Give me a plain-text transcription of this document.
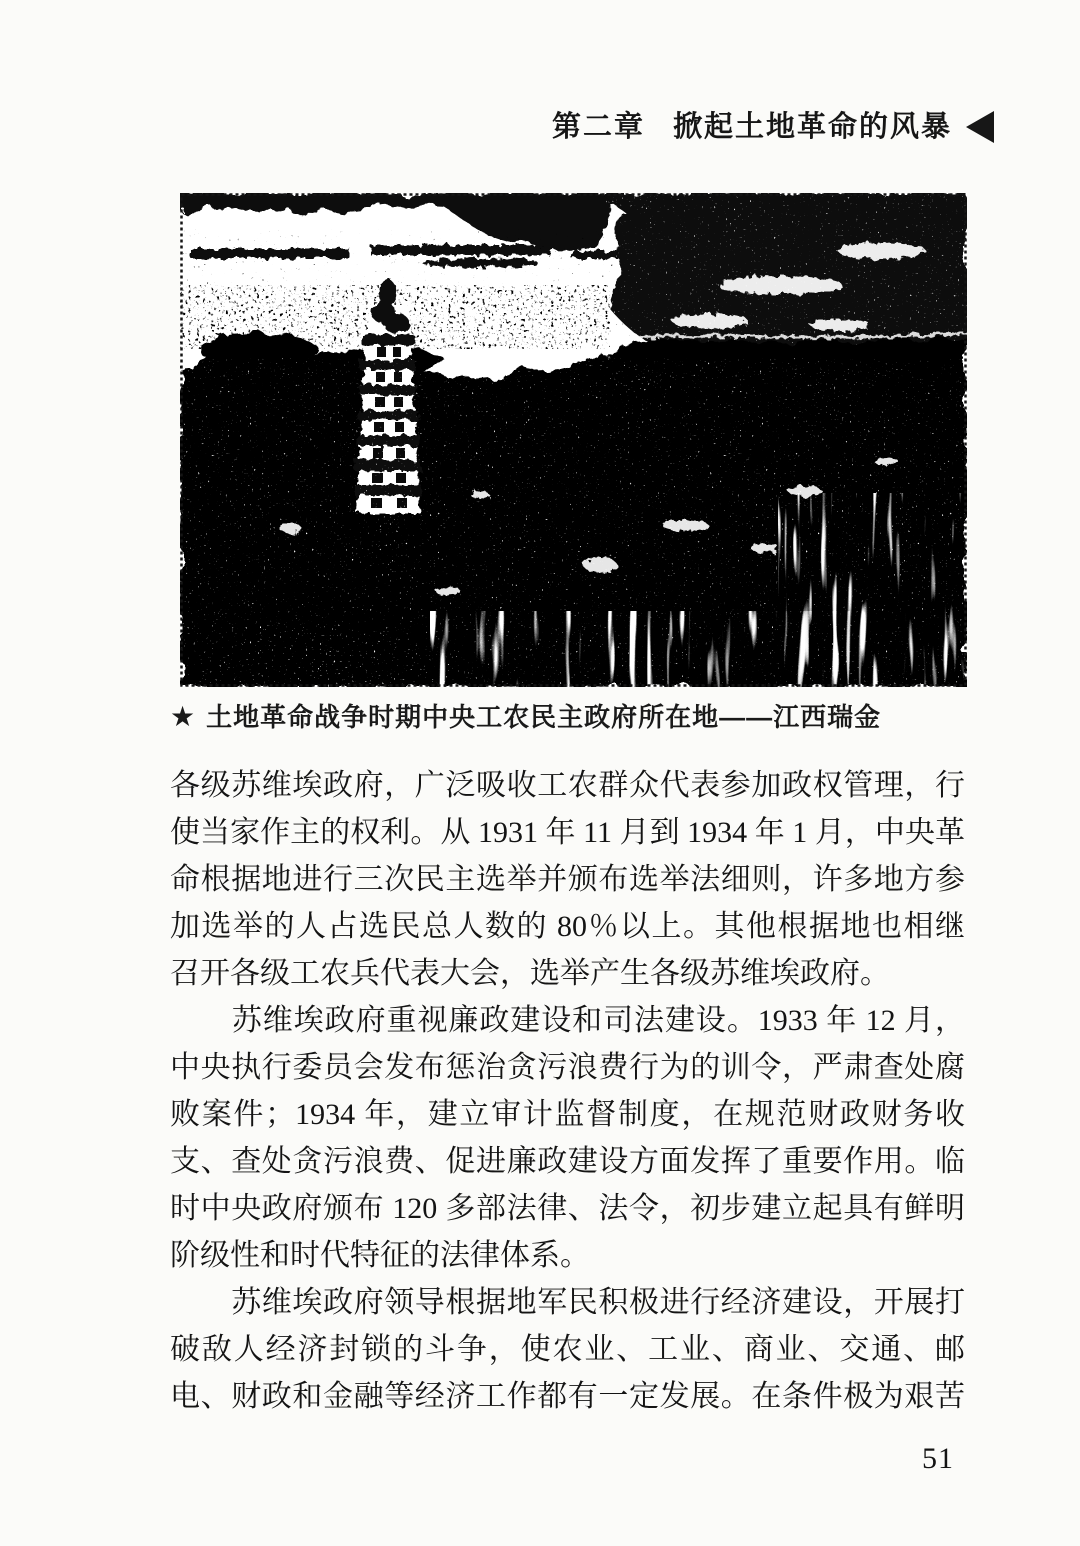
第二章 掀起土地革命的风暴
★ 土地革命战争时期中央工农民主政府所在地——江西瑞金
各级苏维埃政府，广泛吸收工农群众代表参加政权管理，行
使当家作主的权利。从 1931 年 11 月到 1934 年 1 月，中央革
命根据地进行三次民主选举并颁布选举法细则，许多地方参
加选举的人占选民总人数的 80％以上。其他根据地也相继
召开各级工农兵代表大会，选举产生各级苏维埃政府。
　　苏维埃政府重视廉政建设和司法建设。1933 年 12 月，
中央执行委员会发布惩治贪污浪费行为的训令，严肃查处腐
败案件；1934 年，建立审计监督制度，在规范财政财务收
支、查处贪污浪费、促进廉政建设方面发挥了重要作用。临
时中央政府颁布 120 多部法律、法令，初步建立起具有鲜明
阶级性和时代特征的法律体系。
　　苏维埃政府领导根据地军民积极进行经济建设，开展打
破敌人经济封锁的斗争，使农业、工业、商业、交通、邮
电、财政和金融等经济工作都有一定发展。在条件极为艰苦
51
